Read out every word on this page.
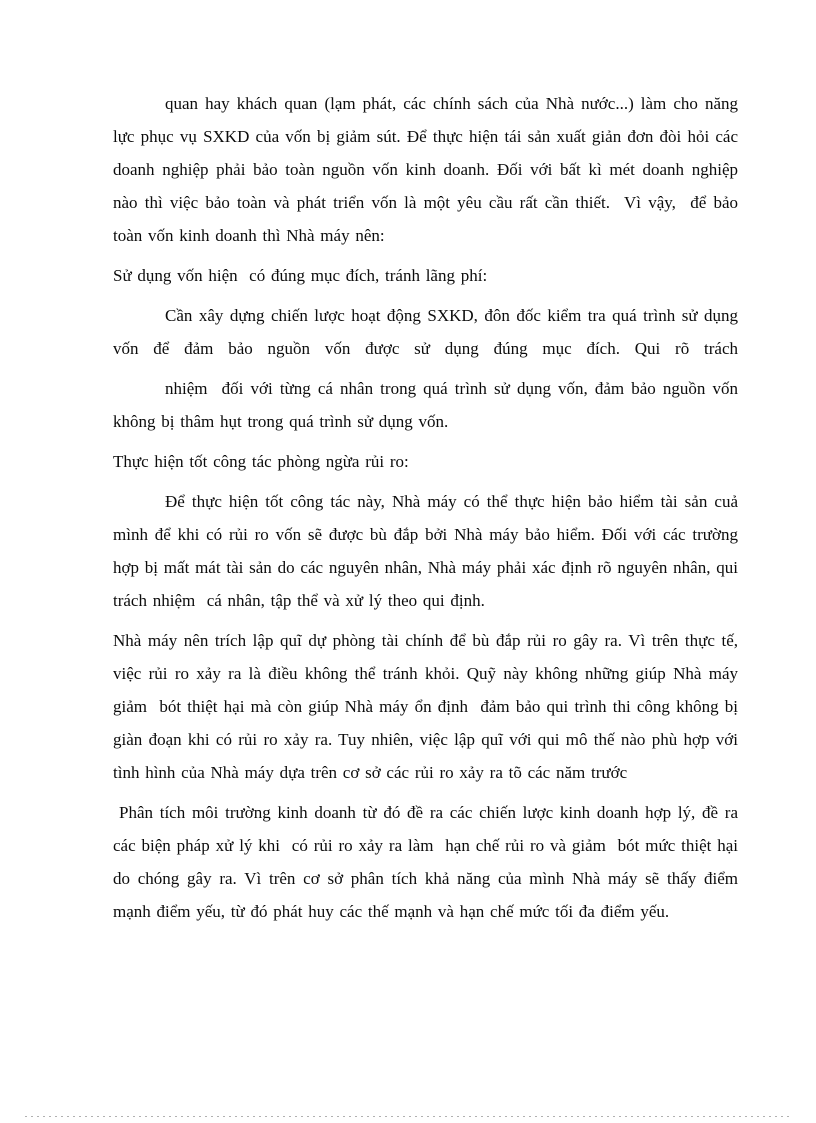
quan hay khách quan (lạm phát, các chính sách của Nhà nước...) làm cho năng lực phục vụ SXKD của vốn bị giảm sút. Để thực hiện tái sản xuất giản đơn đòi hỏi các doanh nghiệp phải bảo toàn nguồn vốn kinh doanh. Đối với bất kì mét doanh nghiệp nào thì việc bảo toàn và phát triển vốn là một yêu cầu rất cần thiết.  Vì vậy,  để bảo toàn vốn kinh doanh thì Nhà máy nên:

Sử dụng vốn hiện  có đúng mục đích, tránh lãng phí:

Cần xây dựng chiến lược hoạt động SXKD, đôn đốc kiểm tra quá trình sử dụng vốn để đảm bảo nguồn vốn được sử dụng đúng mục đích. Qui rõ trách

nhiệm  đối với từng cá nhân trong quá trình sử dụng vốn, đảm bảo nguồn vốn không bị thâm hụt trong quá trình sử dụng vốn.

Thực hiện tốt công tác phòng ngừa rủi ro:

Để thực hiện tốt công tác này, Nhà máy có thể thực hiện bảo hiểm tài sản cuả mình để khi có rủi ro vốn sẽ được bù đắp bởi Nhà máy bảo hiểm. Đối với các trường hợp bị mất mát tài sản do các nguyên nhân, Nhà máy phải xác định rõ nguyên nhân, qui trách nhiệm  cá nhân, tập thể và xử lý theo qui định.

Nhà máy nên trích lập quĩ dự phòng tài chính để bù đắp rủi ro gây ra. Vì trên thực tế, việc rủi ro xảy ra là điều không thể tránh khỏi. Quỹ này không những giúp Nhà máy giảm  bót thiệt hại mà còn giúp Nhà máy ổn định  đảm bảo qui trình thi công không bị giàn đoạn khi có rủi ro xảy ra. Tuy nhiên, việc lập quĩ với qui mô thế nào phù hợp với tình hình của Nhà máy dựa trên cơ sở các rủi ro xảy ra tõ các năm trước

Phân tích môi trường kinh doanh từ đó đề ra các chiến lược kinh doanh hợp lý, đề ra các biện pháp xử lý khi  có rủi ro xảy ra làm  hạn chế rủi ro và giảm  bót mức thiệt hại  do chóng gây ra. Vì trên cơ sở phân tích khả năng của mình Nhà máy sẽ thấy điểm mạnh điểm yếu, từ đó phát huy các thế mạnh và hạn chế mức tối đa điểm yếu.
